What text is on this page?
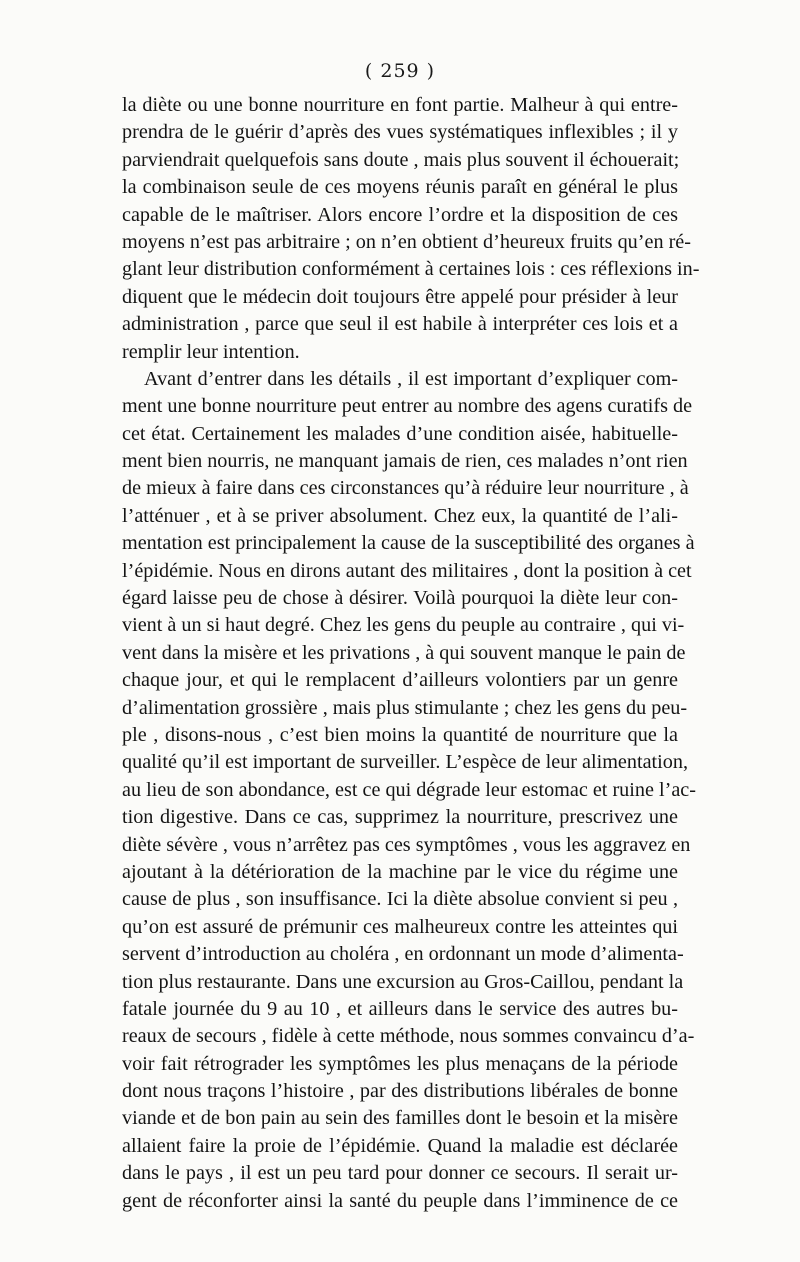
( 259 )
la diète ou une bonne nourriture en font partie. Malheur à qui entre-
prendra de le guérir d’après des vues systématiques inflexibles ; il y
parviendrait quelquefois sans doute , mais plus souvent il échouerait;
la combinaison seule de ces moyens réunis paraît en général le plus
capable de le maîtriser. Alors encore l’ordre et la disposition de ces
moyens n’est pas arbitraire ; on n’en obtient d’heureux fruits qu’en ré-
glant leur distribution conformément à certaines lois : ces réflexions in-
diquent que le médecin doit toujours être appelé pour présider à leur
administration , parce que seul il est habile à interpréter ces lois et a
remplir leur intention.
Avant d’entrer dans les détails , il est important d’expliquer com-
ment une bonne nourriture peut entrer au nombre des agens curatifs de
cet état. Certainement les malades d’une condition aisée, habituelle-
ment bien nourris, ne manquant jamais de rien, ces malades n’ont rien
de mieux à faire dans ces circonstances qu’à réduire leur nourriture , à
l’atténuer , et à se priver absolument. Chez eux, la quantité de l’ali-
mentation est principalement la cause de la susceptibilité des organes à
l’épidémie. Nous en dirons autant des militaires , dont la position à cet
égard laisse peu de chose à désirer. Voilà pourquoi la diète leur con-
vient à un si haut degré. Chez les gens du peuple au contraire , qui vi-
vent dans la misère et les privations , à qui souvent manque le pain de
chaque jour, et qui le remplacent d’ailleurs volontiers par un genre
d’alimentation grossière , mais plus stimulante ; chez les gens du peu-
ple , disons-nous , c’est bien moins la quantité de nourriture que la
qualité qu’il est important de surveiller. L’espèce de leur alimentation,
au lieu de son abondance, est ce qui dégrade leur estomac et ruine l’ac-
tion digestive. Dans ce cas, supprimez la nourriture, prescrivez une
diète sévère , vous n’arrêtez pas ces symptômes , vous les aggravez en
ajoutant à la détérioration de la machine par le vice du régime une
cause de plus , son insuffisance. Ici la diète absolue convient si peu ,
qu’on est assuré de prémunir ces malheureux contre les atteintes qui
servent d’introduction au choléra , en ordonnant un mode d’alimenta-
tion plus restaurante. Dans une excursion au Gros-Caillou, pendant la
fatale journée du 9 au 10 , et ailleurs dans le service des autres bu-
reaux de secours , fidèle à cette méthode, nous sommes convaincu d’a-
voir fait rétrograder les symptômes les plus menaçans de la période
dont nous traçons l’histoire , par des distributions libérales de bonne
viande et de bon pain au sein des familles dont le besoin et la misère
allaient faire la proie de l’épidémie. Quand la maladie est déclarée
dans le pays , il est un peu tard pour donner ce secours. Il serait ur-
gent de réconforter ainsi la santé du peuple dans l’imminence de ce
